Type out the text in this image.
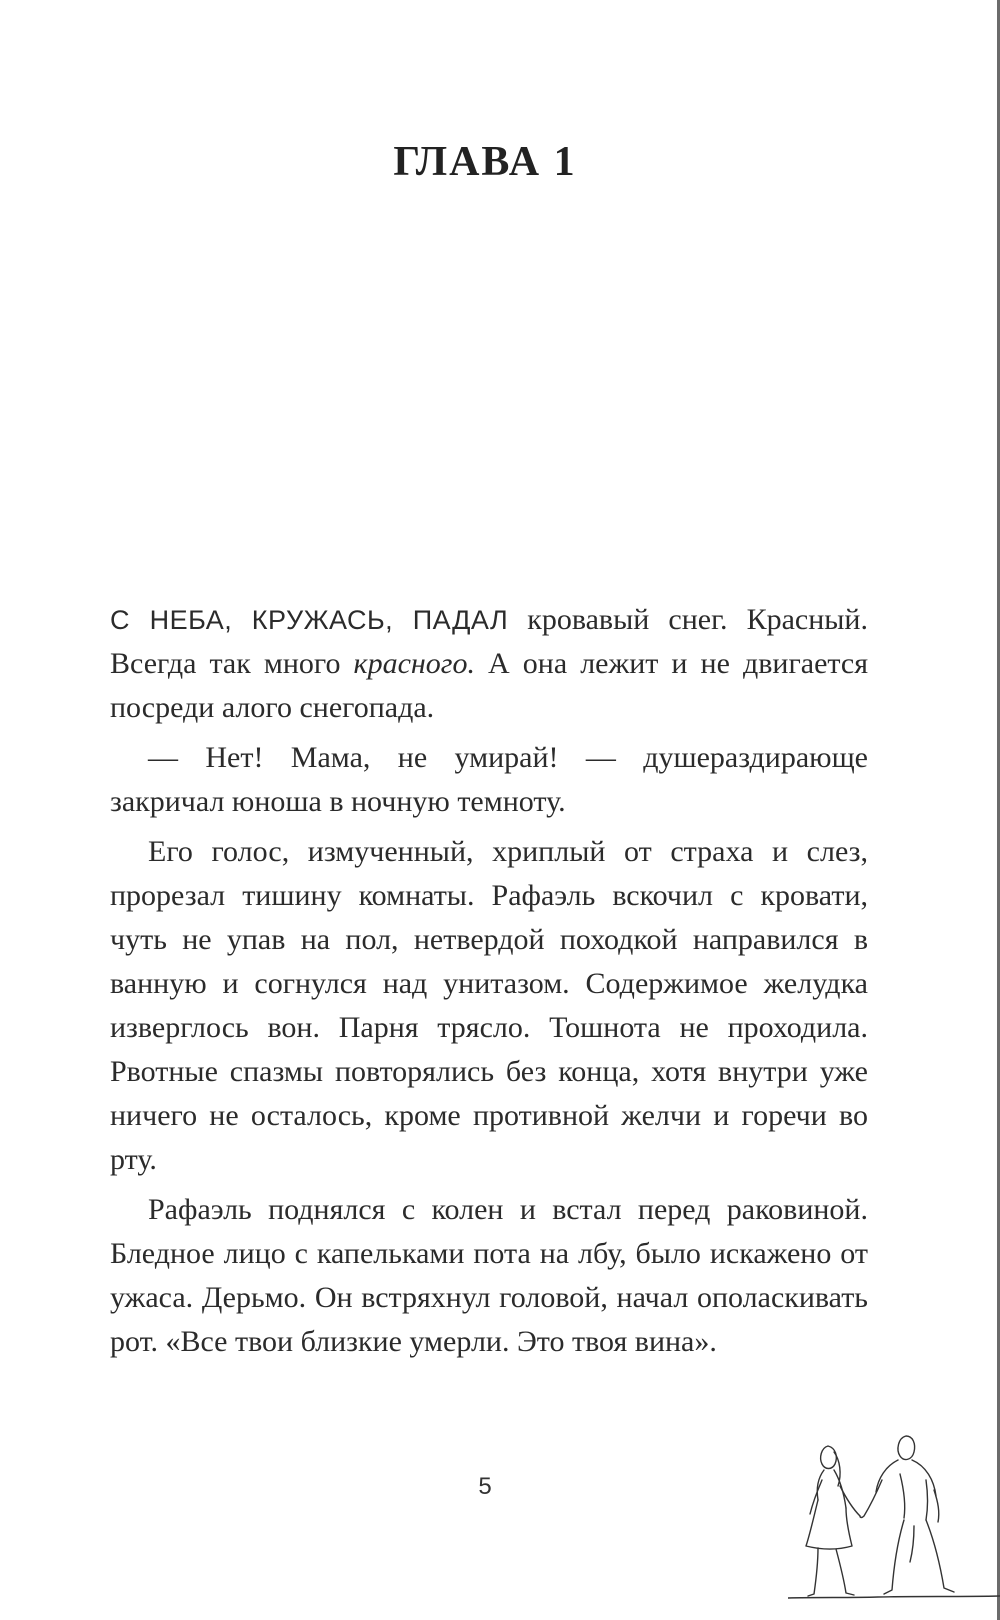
ГЛАВА 1

С НЕБА, КРУЖАСЬ, ПАДАЛ кровавый снег. Красный. Всегда так много красного. А она лежит и не двигается посреди алого снегопада.

— Нет! Мама, не умирай! — душераздирающе закричал юноша в ночную темноту.

Его голос, измученный, хриплый от страха и слез, прорезал тишину комнаты. Рафаэль вскочил с кровати, чуть не упав на пол, нетвердой походкой направился в ванную и согнулся над унитазом. Содержимое желудка изверглось вон. Парня трясло. Тошнота не проходила. Рвотные спазмы повторялись без конца, хотя внутри уже ничего не осталось, кроме противной желчи и горечи во рту.

Рафаэль поднялся с колен и встал перед раковиной. Бледное лицо с капельками пота на лбу, было искажено от ужаса. Дерьмо. Он встряхнул головой, начал ополаскивать рот. «Все твои близкие умерли. Это твоя вина».

5
